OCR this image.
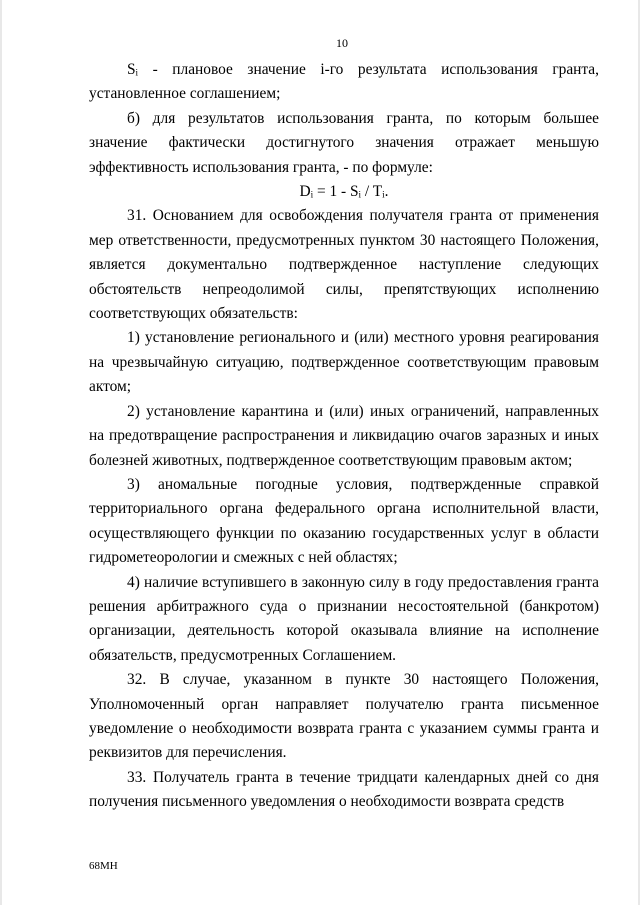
10

Sᵢ - плановое значение i-го результата использования гранта, установленное соглашением;

б) для результатов использования гранта, по которым большее значение фактически достигнутого значения отражает меньшую эффективность использования гранта, - по формуле:

Dᵢ = 1 - Sᵢ / Tᵢ.

31. Основанием для освобождения получателя гранта от применения мер ответственности, предусмотренных пунктом 30 настоящего Положения, является документально подтвержденное наступление следующих обстоятельств непреодолимой силы, препятствующих исполнению соответствующих обязательств:

1) установление регионального и (или) местного уровня реагирования на чрезвычайную ситуацию, подтвержденное соответствующим правовым актом;

2) установление карантина и (или) иных ограничений, направленных на предотвращение распространения и ликвидацию очагов заразных и иных болезней животных, подтвержденное соответствующим правовым актом;

3) аномальные погодные условия, подтвержденные справкой территориального органа федерального органа исполнительной власти, осуществляющего функции по оказанию государственных услуг в области гидрометеорологии и смежных с ней областях;

4) наличие вступившего в законную силу в году предоставления гранта решения арбитражного суда о признании несостоятельной (банкротом) организации, деятельность которой оказывала влияние на исполнение обязательств, предусмотренных Соглашением.

32. В случае, указанном в пункте 30 настоящего Положения, Уполномоченный орган направляет получателю гранта письменное уведомление о необходимости возврата гранта с указанием суммы гранта и реквизитов для перечисления.

33. Получатель гранта в течение тридцати календарных дней со дня получения письменного уведомления о необходимости возврата средств

68МН
